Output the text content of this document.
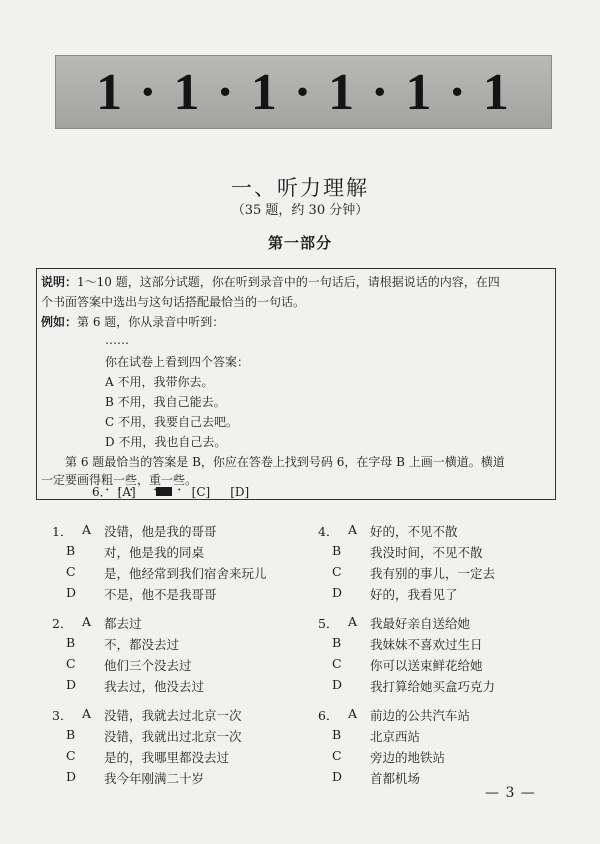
1 · 1 · 1 · 1 · 1 · 1
一、听力理解
（35 题，约 30 分钟）
第一部分
说明：1～10 题，这部分试题，你在听到录音中的一句话后，请根据说话的内容，在四
个书面答案中选出与这句话搭配最恰当的一句话。
例如：第 6 题，你从录音中听到：
……
你在试卷上看到四个答案：
A 不用，我带你去。
B 不用，我自己能去。
C 不用，我要自己去吧。
D 不用，我也自己去。
第 6 题最恰当的答案是 B，你应在答卷上找到号码 6，在字母 B 上画一横道。横道
一定要画得粗一些，重一些。
6． [A]	[C] [D]
1． A 没错，他是我的哥哥
B 对，他是我的同桌
C 是，他经常到我们宿舍来玩儿
D 不是，他不是我哥哥
2． A 都去过
B 不，都没去过
C 他们三个没去过
D 我去过，他没去过
3． A 没错，我就去过北京一次
B 没错，我就出过北京一次
C 是的，我哪里都没去过
D 我今年刚满二十岁
4． A 好的，不见不散
B 我没时间，不见不散
C 我有别的事儿，一定去
D 好的，我看见了
5． A 我最好亲自送给她
B 我妹妹不喜欢过生日
C 你可以送束鲜花给她
D 我打算给她买盒巧克力
6． A 前边的公共汽车站
B 北京西站
C 旁边的地铁站
D 首都机场
— 3 —
